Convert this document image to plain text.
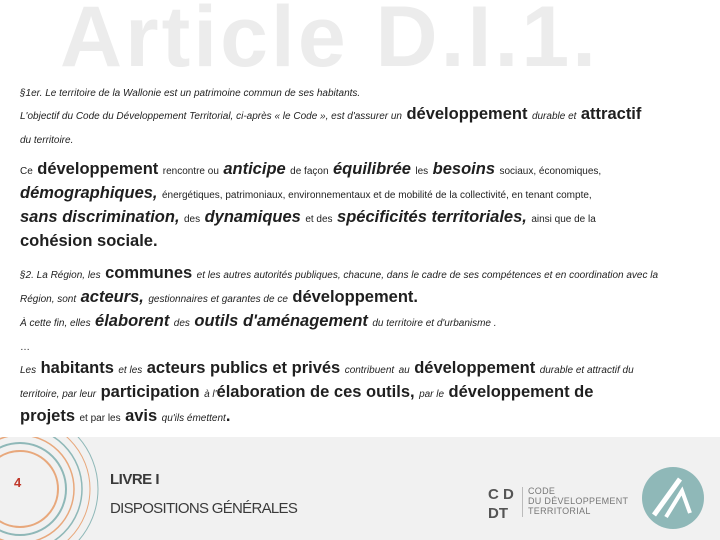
Article D.I.1.

§1er. Le territoire de la Wallonie est un patrimoine commun de ses habitants.
L'objectif du Code du Développement Territorial, ci-après « le Code », est d'assurer un développement durable et attractif
du territoire.

Ce développement rencontre ou anticipe de façon équilibrée les besoins sociaux, économiques,
démographiques, énergétiques, patrimoniaux, environnementaux et de mobilité de la collectivité, en tenant compte,
sans discrimination, des dynamiques et des spécificités territoriales, ainsi que de la
cohésion sociale.

§2. La Région, les communes et les autres autorités publiques, chacune, dans le cadre de ses compétences et en coordination avec la
Région, sont acteurs, gestionnaires et garantes de ce développement.
À cette fin, elles élaborent des outils d'aménagement du territoire et d'urbanisme .
…

Les habitants et les acteurs publics et privés contribuent au développement durable et attractif du
territoire, par leur participation à l'élaboration de ces outils, par le développement de
projets et par les avis qu'ils émettent.

4	LIVRE I
DISPOSITIONS GÉNÉRALES
C D
DT
CODE
DU DÉVELOPPEMENT
TERRITORIAL
